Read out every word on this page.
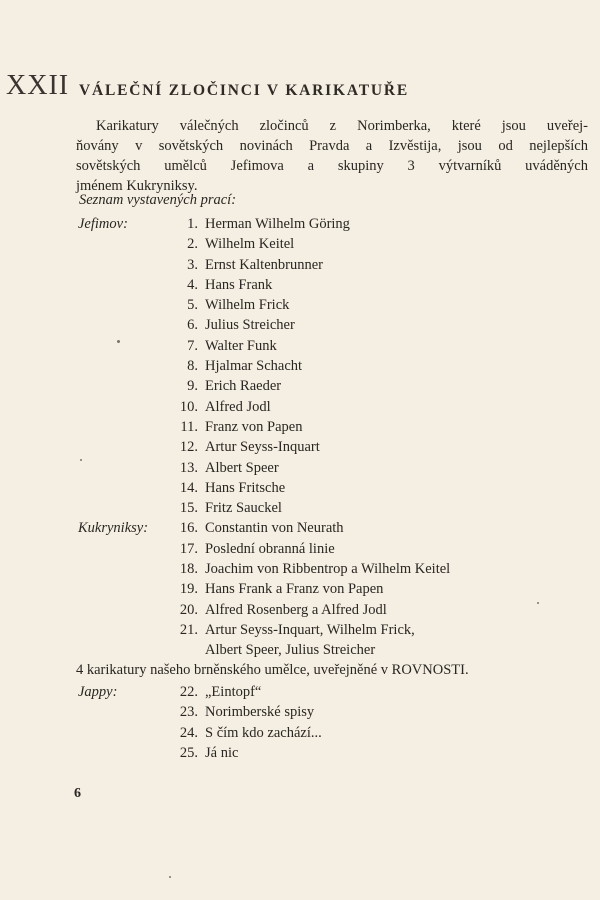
XXII VÁLEČNÍ ZLOČINCI V KARIKATUŘE
Karikatury válečných zločinců z Norimberka, které jsou uveřej-
ňovány v sovětských novinách Pravda a Izvěstija, jsou od nejlepších
sovětských umělců Jefimova a skupiny 3 výtvarníků uváděných
jménem Kukryniksy.
Seznam vystavených prací:
Jefimov:	1. Herman Wilhelm Göring
2. Wilhelm Keitel
3. Ernst Kaltenbrunner
4. Hans Frank
5. Wilhelm Frick
6. Julius Streicher
7. Walter Funk
8. Hjalmar Schacht
9. Erich Raeder
10. Alfred Jodl
11. Franz von Papen
12. Artur Seyss-Inquart
13. Albert Speer
14. Hans Fritsche
15. Fritz Sauckel
Kukryniksy:	16. Constantin von Neurath
17. Poslední obranná linie
18. Joachim von Ribbentrop a Wilhelm Keitel
19. Hans Frank a Franz von Papen
20. Alfred Rosenberg a Alfred Jodl
21. Artur Seyss-Inquart, Wilhelm Frick,
Albert Speer, Julius Streicher
4 karikatury našeho brněnského umělce, uveřejněné v ROVNOSTI.
Jappy:	22. „Eintopf“
23. Norimberské spisy
24. S čím kdo zachází...
25. Já nic
6
